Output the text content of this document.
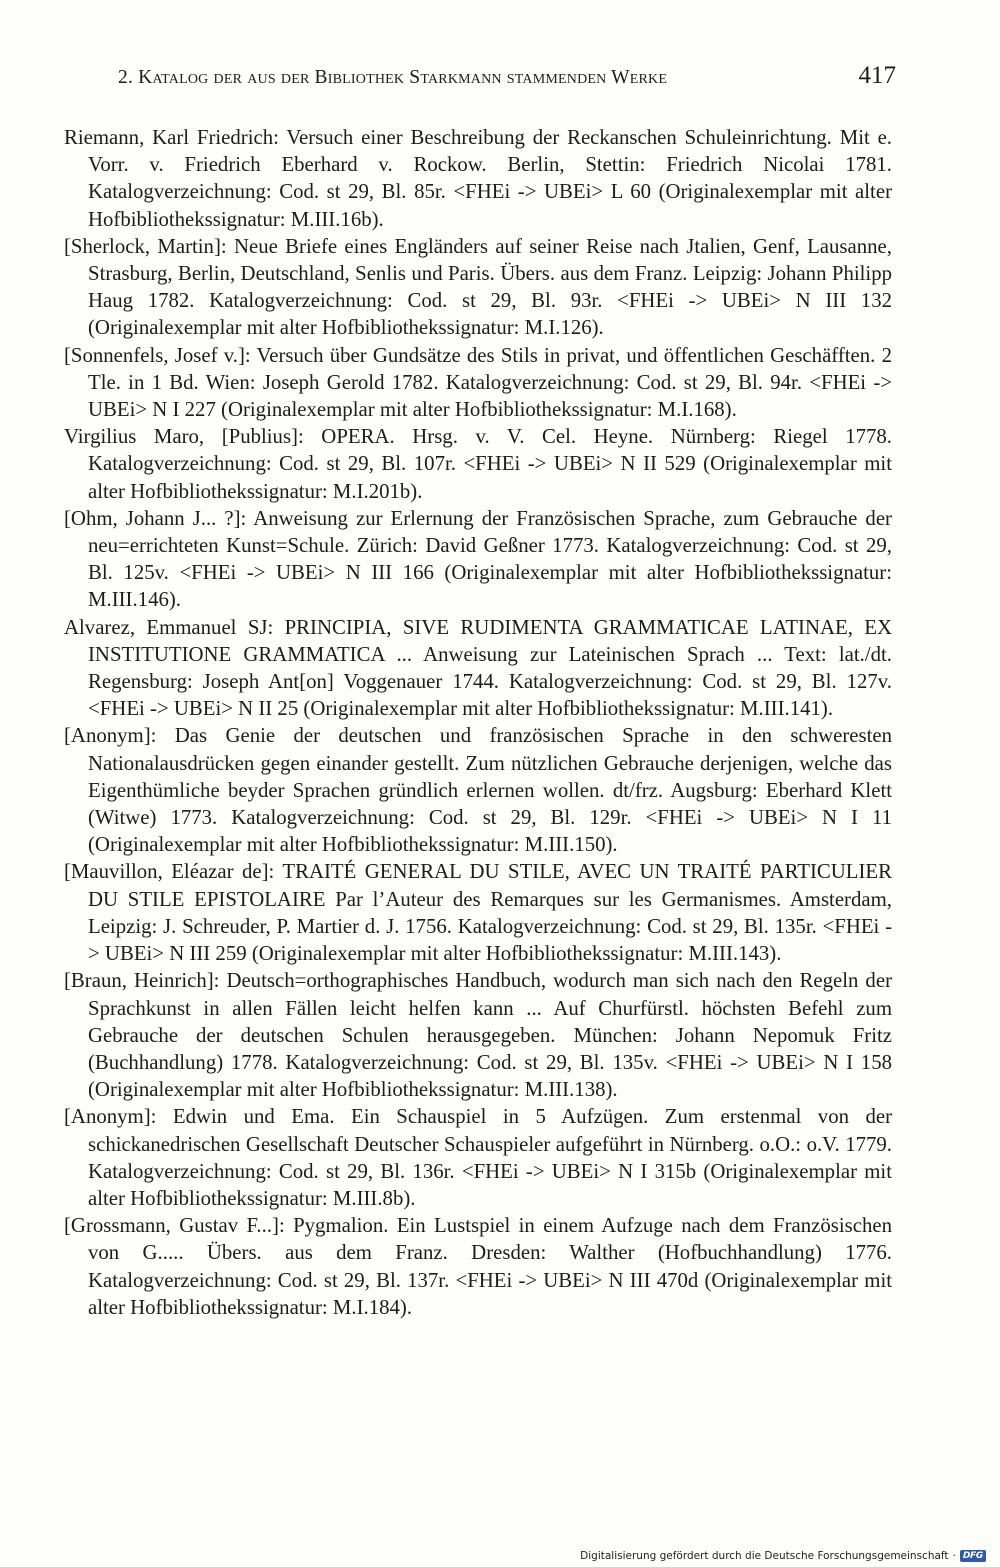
2. Katalog der aus der Bibliothek Starkmann stammenden Werke	417
Riemann, Karl Friedrich: Versuch einer Beschreibung der Reckanschen Schuleinrichtung. Mit e. Vorr. v. Friedrich Eberhard v. Rockow. Berlin, Stettin: Friedrich Nicolai 1781. Katalogverzeichnung: Cod. st 29, Bl. 85r. <FHEi -> UBEi> L 60 (Originalexemplar mit alter Hofbibliothekssignatur: M.III.16b).
[Sherlock, Martin]: Neue Briefe eines Engländers auf seiner Reise nach Jtalien, Genf, Lausanne, Strasburg, Berlin, Deutschland, Senlis und Paris. Übers. aus dem Franz. Leipzig: Johann Philipp Haug 1782. Katalogverzeichnung: Cod. st 29, Bl. 93r. <FHEi -> UBEi> N III 132 (Originalexemplar mit alter Hofbibliothekssignatur: M.I.126).
[Sonnenfels, Josef v.]: Versuch über Gundsätze des Stils in privat, und öffentlichen Geschäfften. 2 Tle. in 1 Bd. Wien: Joseph Gerold 1782. Katalogverzeichnung: Cod. st 29, Bl. 94r. <FHEi -> UBEi> N I 227 (Originalexemplar mit alter Hofbibliothekssignatur: M.I.168).
Virgilius Maro, [Publius]: OPERA. Hrsg. v. V. Cel. Heyne. Nürnberg: Riegel 1778. Katalogverzeichnung: Cod. st 29, Bl. 107r. <FHEi -> UBEi> N II 529 (Originalexemplar mit alter Hofbibliothekssignatur: M.I.201b).
[Ohm, Johann J... ?]: Anweisung zur Erlernung der Französischen Sprache, zum Gebrauche der neu=errichteten Kunst=Schule. Zürich: David Geßner 1773. Katalogverzeichnung: Cod. st 29, Bl. 125v. <FHEi -> UBEi> N III 166 (Originalexemplar mit alter Hofbibliothekssignatur: M.III.146).
Alvarez, Emmanuel SJ: PRINCIPIA, SIVE RUDIMENTA GRAMMATICAE LATINAE, EX INSTITUTIONE GRAMMATICA ... Anweisung zur Lateinischen Sprach ... Text: lat./dt. Regensburg: Joseph Ant[on] Voggenauer 1744. Katalogverzeichnung: Cod. st 29, Bl. 127v. <FHEi -> UBEi> N II 25 (Originalexemplar mit alter Hofbibliothekssignatur: M.III.141).
[Anonym]: Das Genie der deutschen und französischen Sprache in den schweresten Nationalausdrücken gegen einander gestellt. Zum nützlichen Gebrauche derjenigen, welche das Eigenthümliche beyder Sprachen gründlich erlernen wollen. dt/frz. Augsburg: Eberhard Klett (Witwe) 1773. Katalogverzeichnung: Cod. st 29, Bl. 129r. <FHEi -> UBEi> N I 11 (Originalexemplar mit alter Hofbibliothekssignatur: M.III.150).
[Mauvillon, Eléazar de]: TRAITÉ GENERAL DU STILE, AVEC UN TRAITÉ PARTICULIER DU STILE EPISTOLAIRE Par l’Auteur des Remarques sur les Germanismes. Amsterdam, Leipzig: J. Schreuder, P. Martier d. J. 1756. Katalogverzeichnung: Cod. st 29, Bl. 135r. <FHEi -> UBEi> N III 259 (Originalexemplar mit alter Hofbibliothekssignatur: M.III.143).
[Braun, Heinrich]: Deutsch=orthographisches Handbuch, wodurch man sich nach den Regeln der Sprachkunst in allen Fällen leicht helfen kann ... Auf Churfürstl. höchsten Befehl zum Gebrauche der deutschen Schulen herausgegeben. München: Johann Nepomuk Fritz (Buchhandlung) 1778. Katalogverzeichnung: Cod. st 29, Bl. 135v. <FHEi -> UBEi> N I 158 (Originalexemplar mit alter Hofbibliothekssignatur: M.III.138).
[Anonym]: Edwin und Ema. Ein Schauspiel in 5 Aufzügen. Zum erstenmal von der schickanedrischen Gesellschaft Deutscher Schauspieler aufgeführt in Nürnberg. o.O.: o.V. 1779. Katalogverzeichnung: Cod. st 29, Bl. 136r. <FHEi -> UBEi> N I 315b (Originalexemplar mit alter Hofbibliothekssignatur: M.III.8b).
[Grossmann, Gustav F...]: Pygmalion. Ein Lustspiel in einem Aufzuge nach dem Französischen von G..... Übers. aus dem Franz. Dresden: Walther (Hofbuchhandlung) 1776. Katalogverzeichnung: Cod. st 29, Bl. 137r. <FHEi -> UBEi> N III 470d (Originalexemplar mit alter Hofbibliothekssignatur: M.I.184).
Digitalisierung gefördert durch die Deutsche Forschungsgemeinschaft · DFG
